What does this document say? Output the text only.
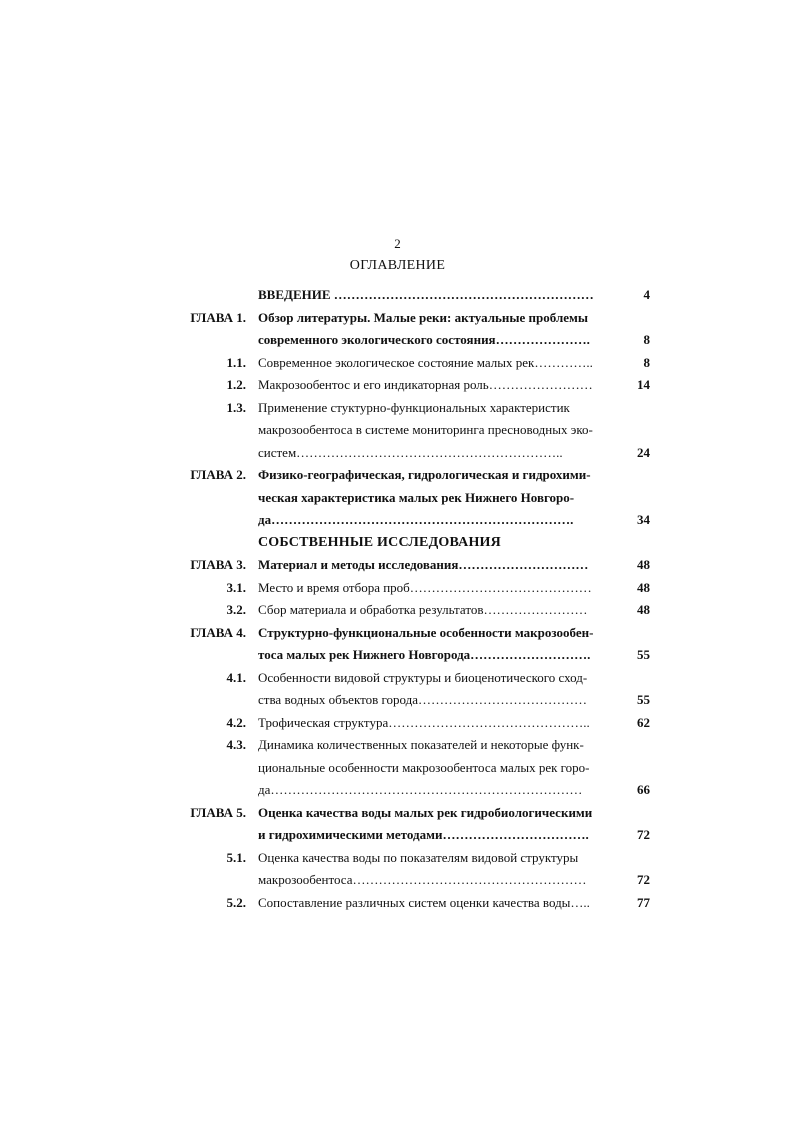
2
ОГЛАВЛЕНИЕ
ВВЕДЕНИЕ ……………………………………………………	4
ГЛАВА 1. Обзор литературы. Малые реки: актуальные проблемы
современного экологического состояния………………….	8
1.1. Современное экологическое состояние малых рек…………..	8
1.2. Макрозообентос и его индикаторная роль……………………	14
1.3. Применение стуктурно-функциональных характеристик
макрозообентоса в системе мониторинга пресноводных эко-
систем……………………………………………………..	24
ГЛАВА 2. Физико-географическая, гидрологическая и гидрохими-
ческая характеристика малых рек Нижнего Новгоро-
да…………………………………………………………….	34
СОБСТВЕННЫЕ ИССЛЕДОВАНИЯ
ГЛАВА 3. Материал и методы исследования…………………………	48
3.1. Место и время отбора проб……………………………………	48
3.2. Сбор материала и обработка результатов……………………	48
ГЛАВА 4. Структурно-функциональные особенности макрозообен-
тоса малых рек Нижнего Новгорода……………………….	55
4.1. Особенности видовой структуры и биоценотического сход-
ства водных объектов города…………………………………	55
4.2. Трофическая структура………………………………………..	62
4.3. Динамика количественных показателей и некоторые функ-
циональные особенности макрозообентоса малых рек горо-
да………………………………………………………………	66
ГЛАВА 5. Оценка качества воды малых рек гидробиологическими
и гидрохимическими методами…………………………….	72
5.1. Оценка качества воды по показателям видовой структуры
макрозообентоса………………………………………………	72
5.2. Сопоставление различных систем оценки качества воды…..	77
